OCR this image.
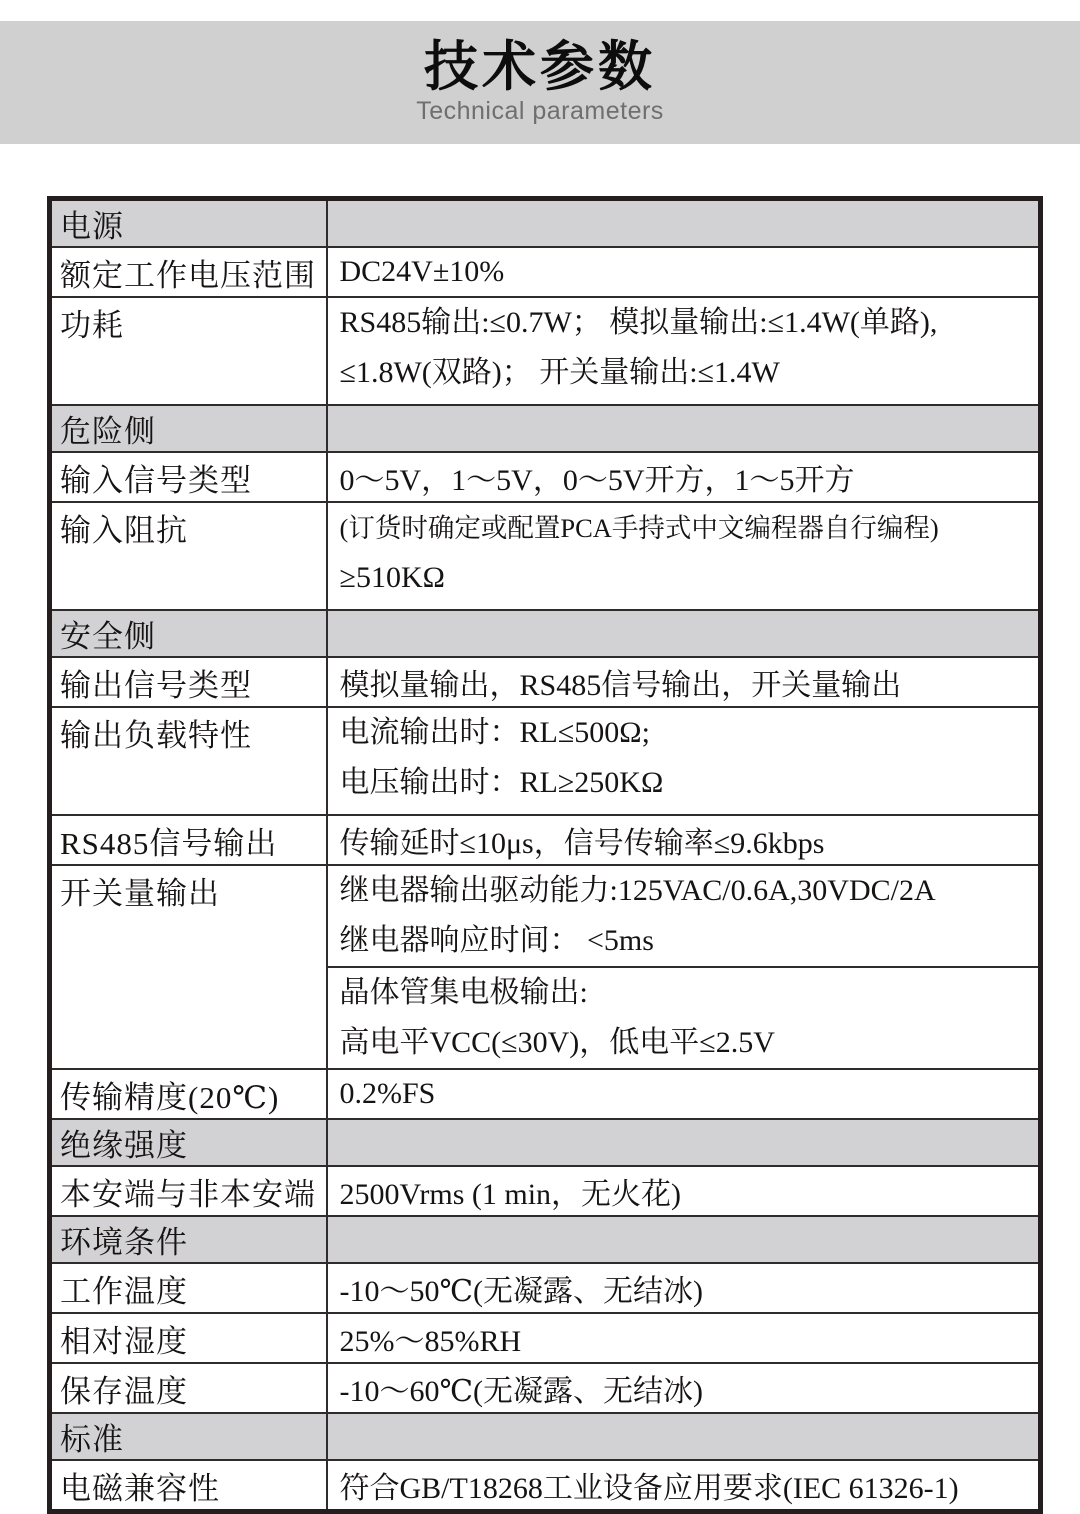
技术参数
Technical parameters
电源	
额定工作电压范围	DC24V±10%

功耗	RS485输出:≤0.7W； 模拟量输出:≤1.4W(单路),
≤1.8W(双路)； 开关量输出:≤1.4W

危险侧	
输入信号类型	0～5V，1～5V，0～5V开方，1～5开方

输入阻抗	(订货时确定或配置PCA手持式中文编程器自行编程)
≥510KΩ

安全侧	
输出信号类型	模拟量输出，RS485信号输出，开关量输出

输出负载特性	电流输出时：RL≤500Ω;
电压输出时：RL≥250KΩ

RS485信号输出	传输延时≤10μs，信号传输率≤9.6kbps

开关量输出	继电器输出驱动能力:125VAC/0.6A,30VDC/2A
继电器响应时间： <5ms

	晶体管集电极输出:
高电平VCC(≤30V)，低电平≤2.5V

传输精度(20℃)	0.2%FS

绝缘强度	
本安端与非本安端	2500Vrms (1 min，无火花)

环境条件	
工作温度	-10～50℃(无凝露、无结冰)

相对湿度	25%～85%RH

保存温度	-10～60℃(无凝露、无结冰)

标准	
电磁兼容性	符合GB/T18268工业设备应用要求(IEC 61326-1)
